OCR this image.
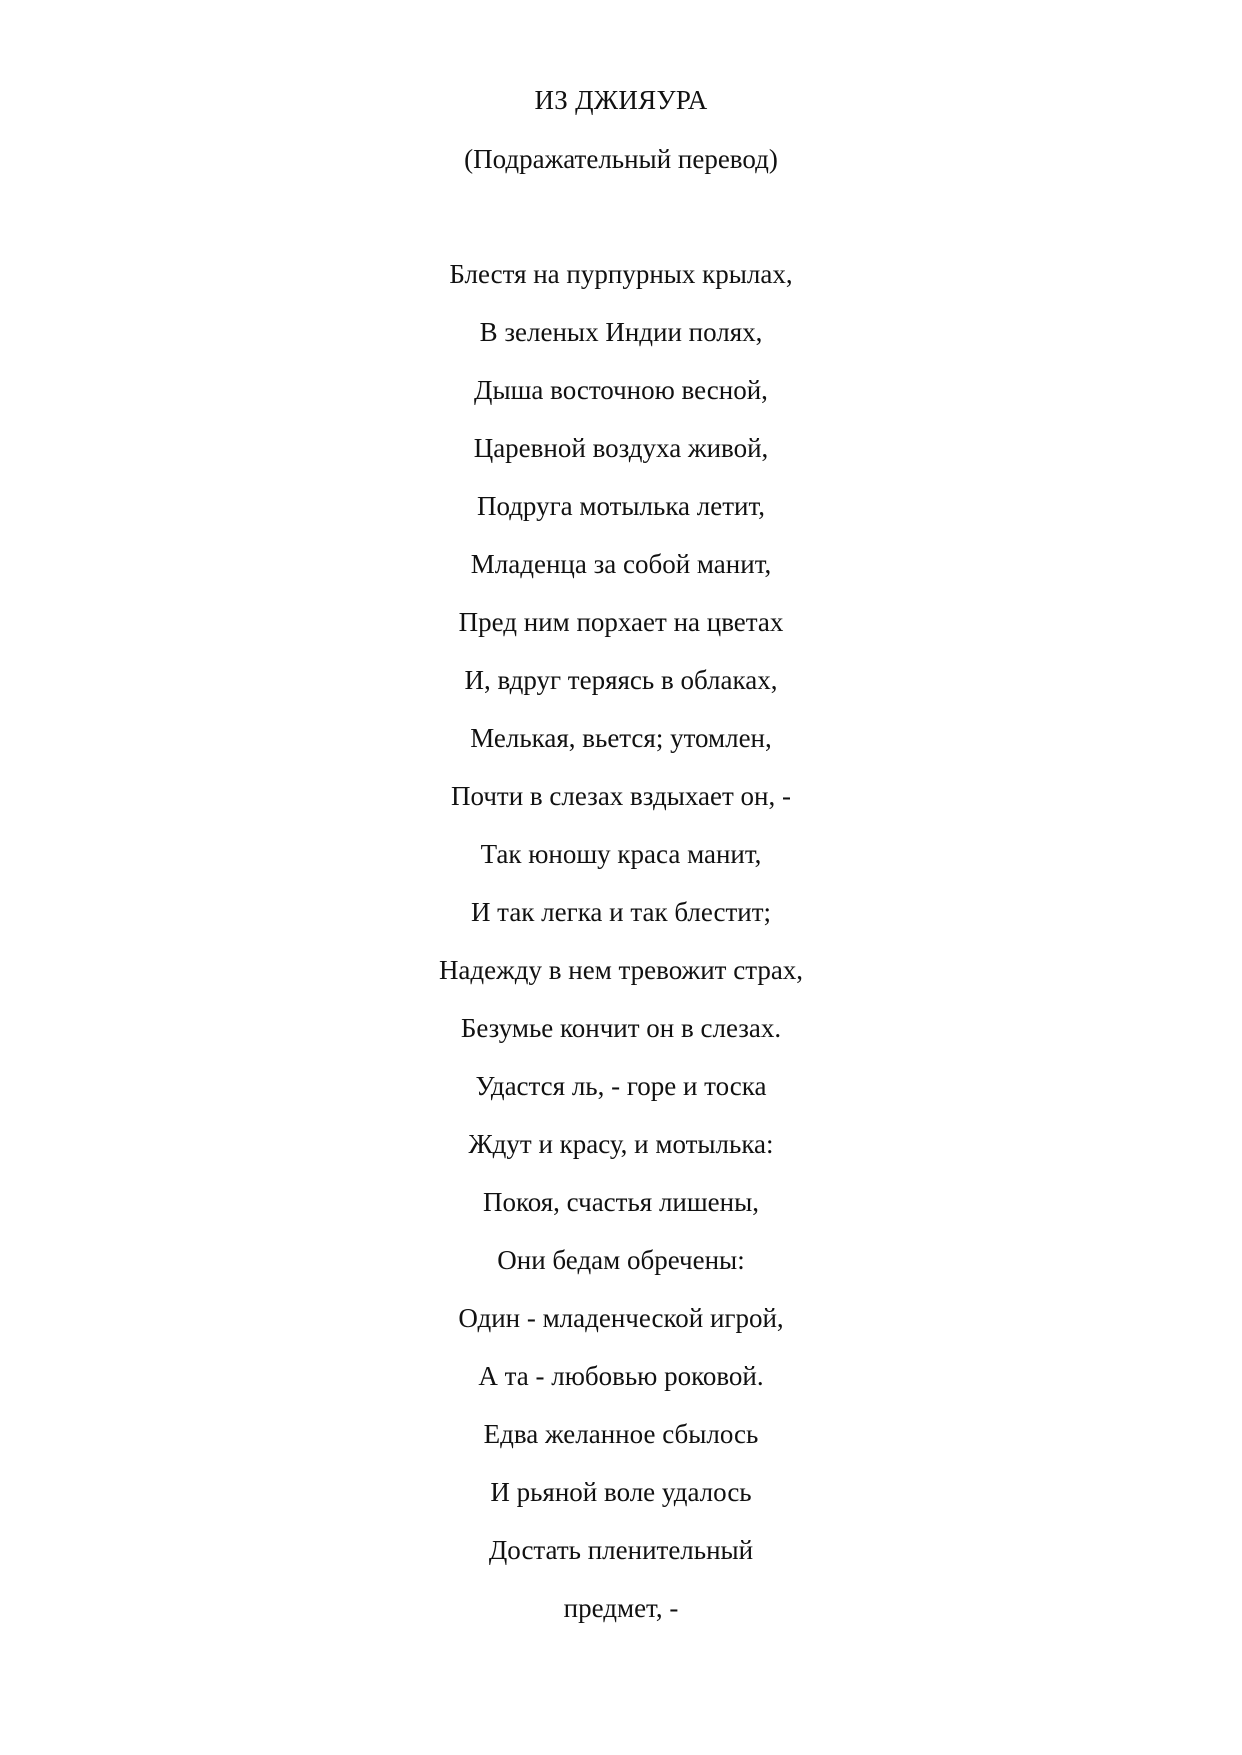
ИЗ ДЖИЯУРА
(Подражательный перевод)
Блестя на пурпурных крылах,
В зеленых Индии полях,
Дыша восточною весной,
Царевной воздуха живой,
Подруга мотылька летит,
Младенца за собой манит,
Пред ним порхает на цветах
И, вдруг теряясь в облаках,
Мелькая, вьется; утомлен,
Почти в слезах вздыхает он, -
Так юношу краса манит,
И так легка и так блестит;
Надежду в нем тревожит страх,
Безумье кончит он в слезах.
Удастся ль, - горе и тоска
Ждут и красу, и мотылька:
Покоя, счастья лишены,
Они бедам обречены:
Один - младенческой игрой,
А та - любовью роковой.
Едва желанное сбылось
И рьяной воле удалось
Достать пленительный
предмет, -
